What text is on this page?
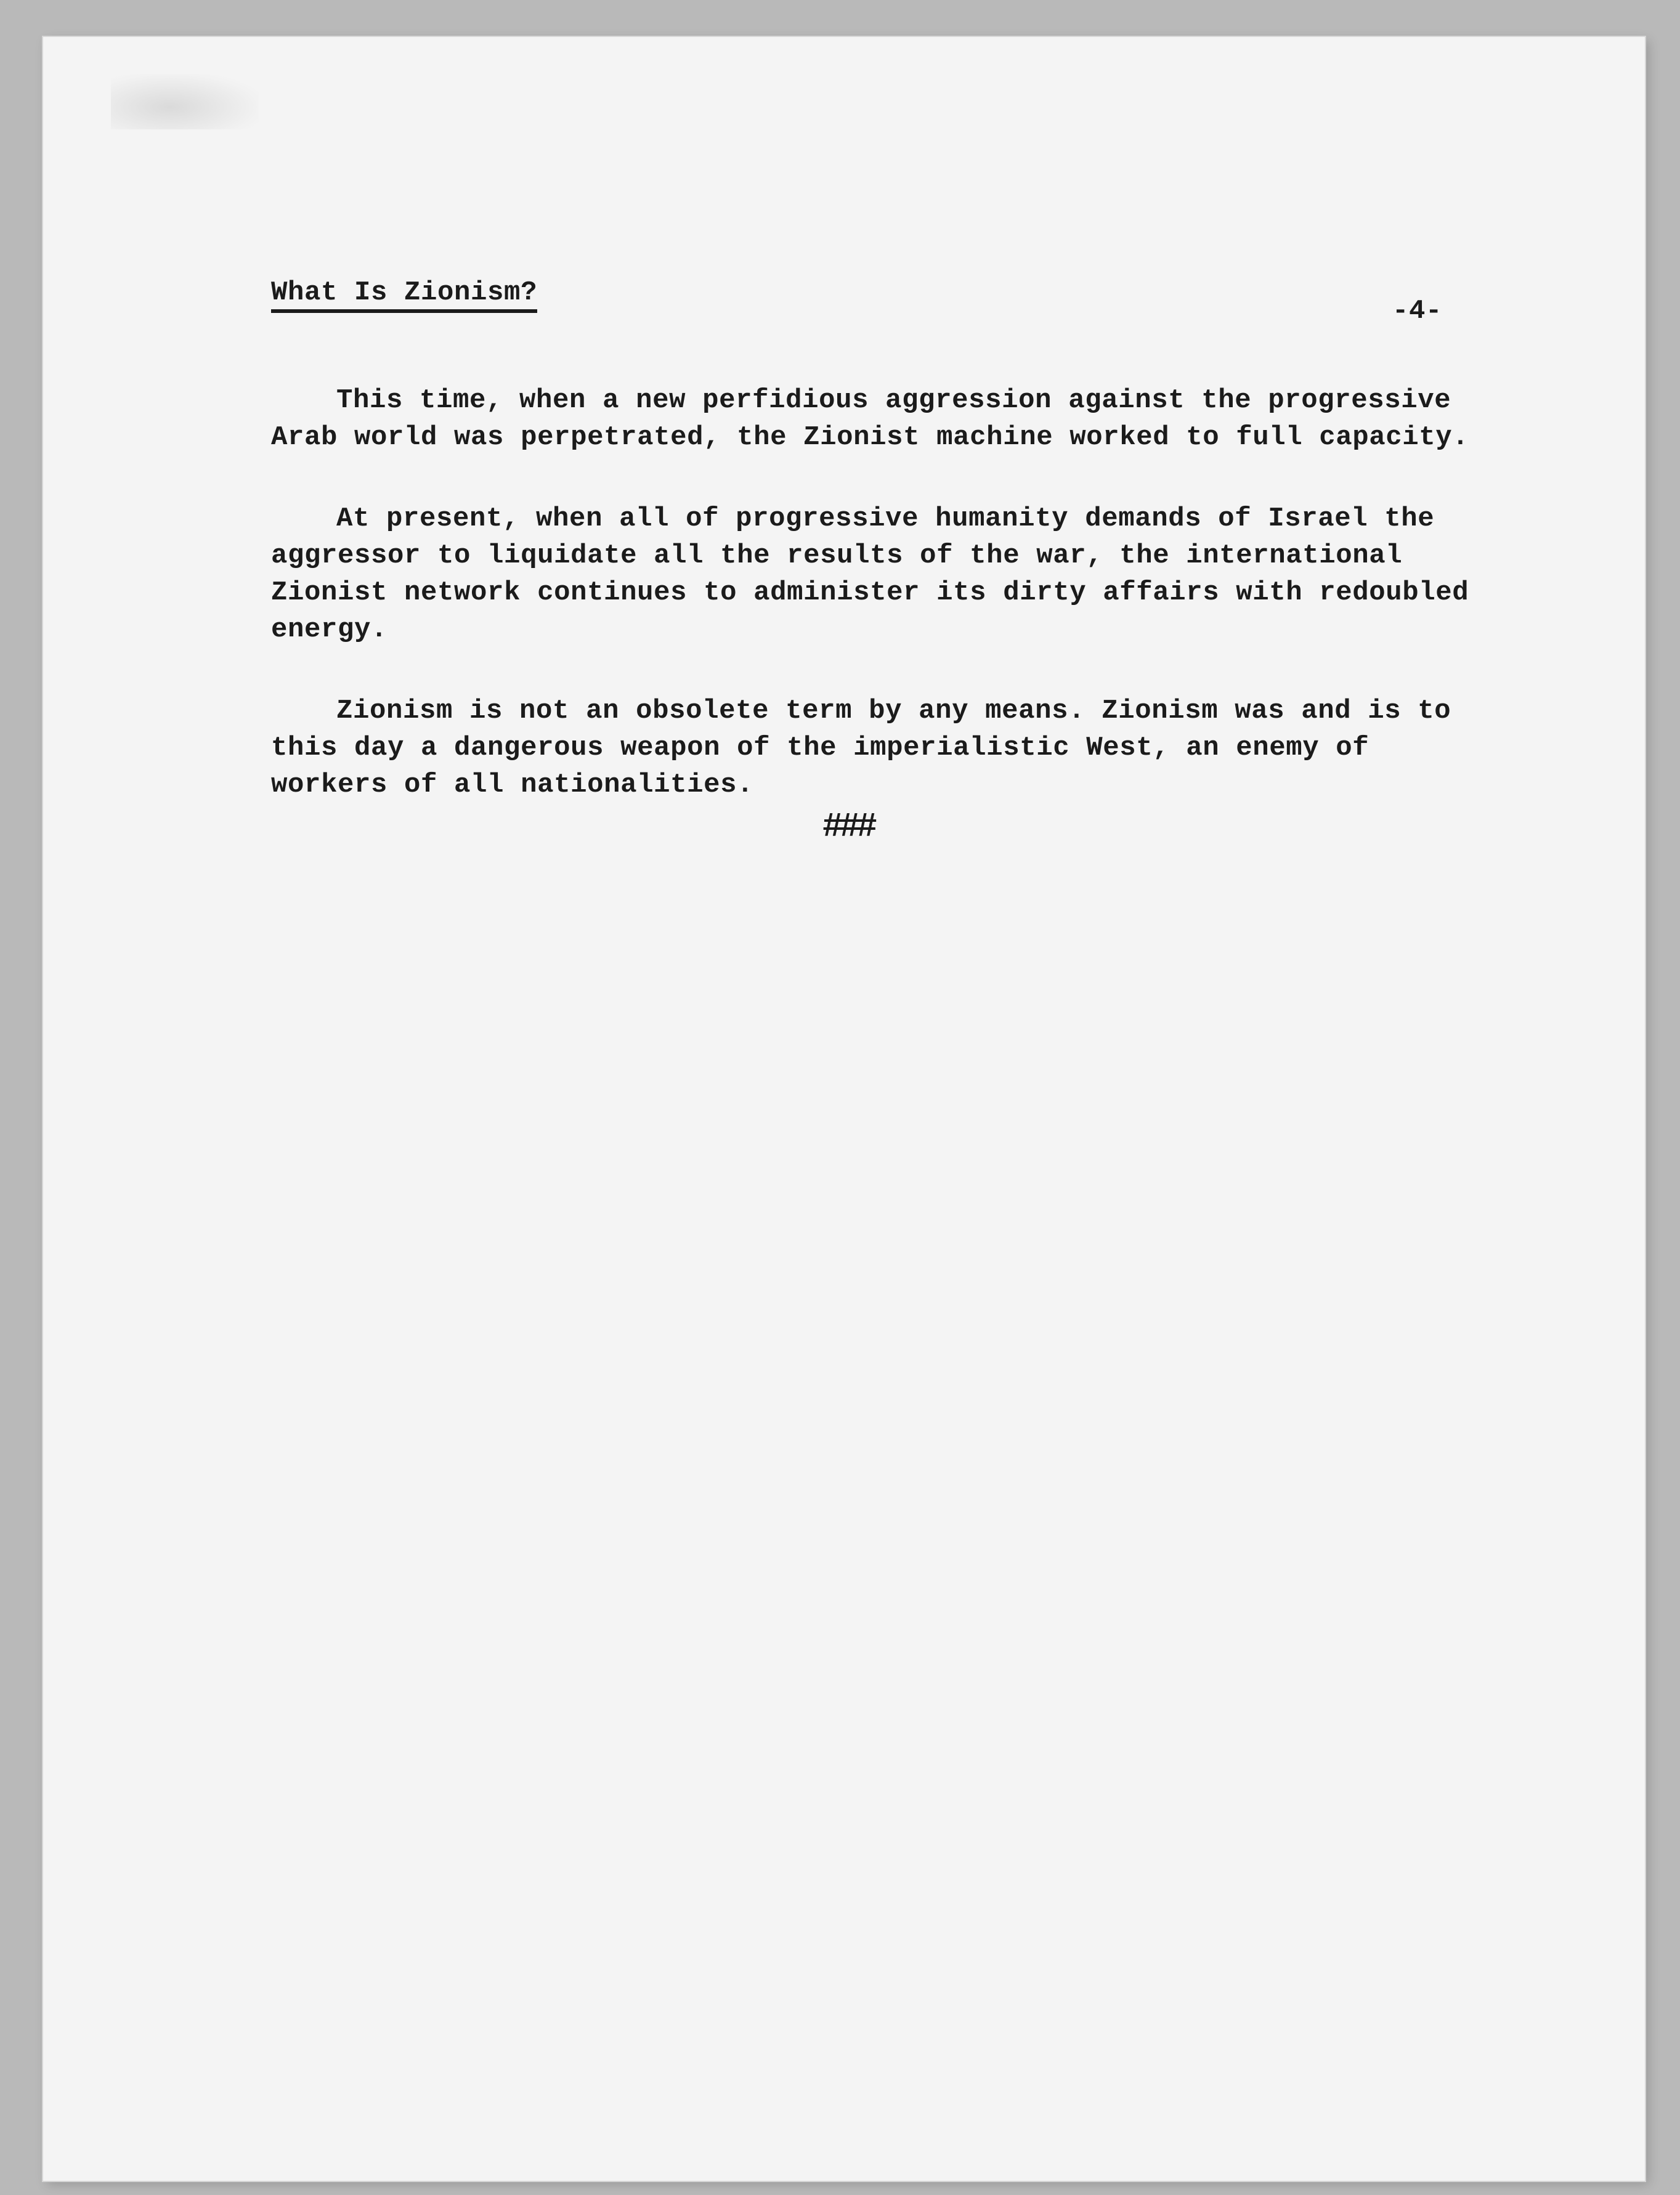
What Is Zionism?
-4-

This time, when a new perfidious aggression against the progressive Arab world was perpetrated, the Zionist machine worked to full capacity.

At present, when all of progressive humanity demands of Israel the aggressor to liquidate all the results of the war, the international Zionist network continues to administer its dirty affairs with redoubled energy.

Zionism is not an obsolete term by any means. Zionism was and is to this day a dangerous weapon of the imperialistic West, an enemy of workers of all nationalities.

###
